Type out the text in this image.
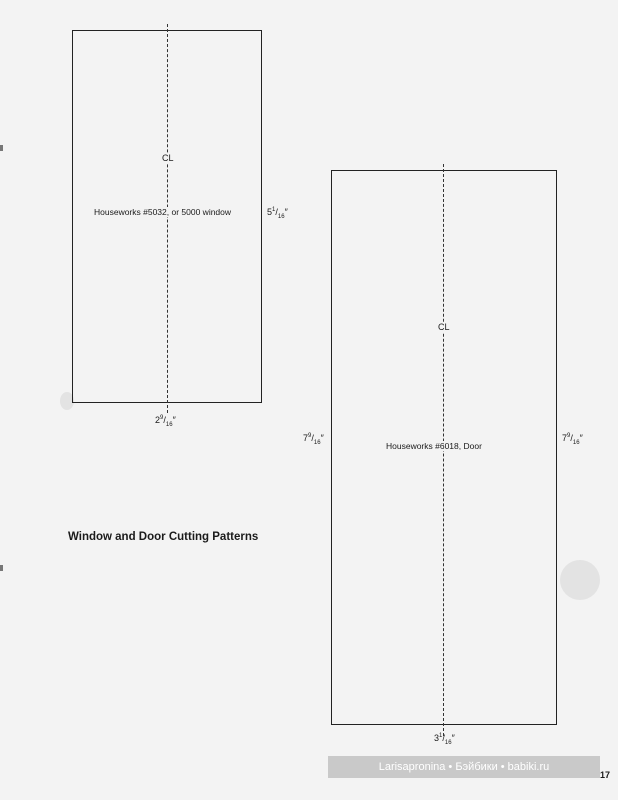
CL
Houseworks #5032, or 5000 window	$5^1/_{16}''$
$2^9/_{16}''$
CL
Houseworks #6018, Door
$7^9/_{16}''$	$7^9/_{16}''$
$3^1/_{16}''$
Window and Door Cutting Patterns
Larisapronina • Бэйбики • babiki.ru
17
